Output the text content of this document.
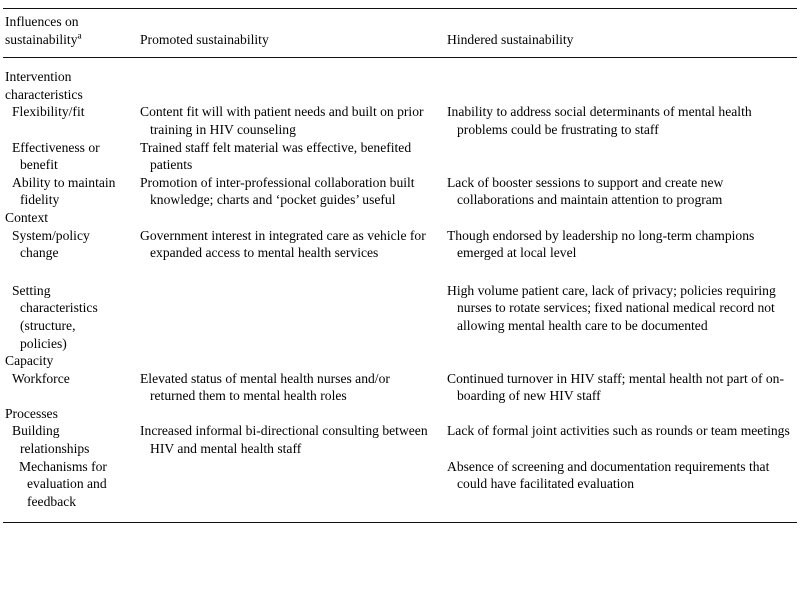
Influences on sustainability$^a$	Promoted sustainability	Hindered sustainability
Intervention characteristics		
Flexibility/fit	Content fit will with patient needs and built on prior training in HIV counseling	Inability to address social determinants of mental health problems could be frustrating to staff
Effectiveness or benefit	Trained staff felt material was effective, benefited patients	
Ability to maintain fidelity	Promotion of inter-professional collaboration built knowledge; charts and ‘pocket guides’ useful	Lack of booster sessions to support and create new collaborations and maintain attention to program
Context		
System/policy change	Government interest in integrated care as vehicle for expanded access to mental health services	Though endorsed by leadership no long-term champions emerged at local level
Setting characteristics (structure, policies)		High volume patient care, lack of privacy; policies requiring nurses to rotate services; fixed national medical record not allowing mental health care to be documented
Capacity		
Workforce	Elevated status of mental health nurses and/or returned them to mental health roles	Continued turnover in HIV staff; mental health not part of on-boarding of new HIV staff
Processes		
Building relationships	Increased informal bi-directional consulting between HIV and mental health staff	Lack of formal joint activities such as rounds or team meetings
Mechanisms for evaluation and feedback		Absence of screening and documentation requirements that could have facilitated evaluation
